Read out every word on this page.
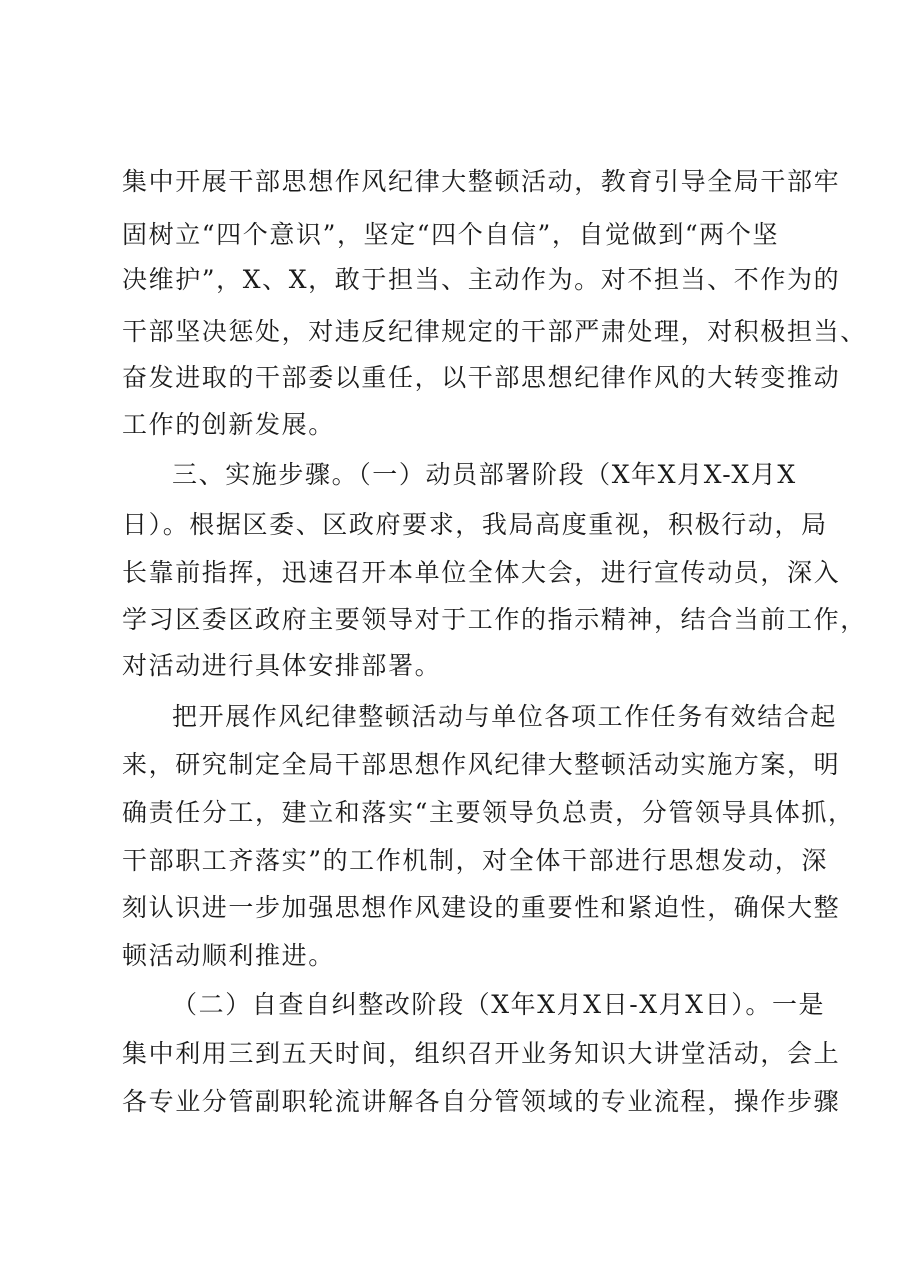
集中开展干部思想作风纪律大整顿活动，教育引导全局干部牢
固树立“四个意识”，坚定“四个自信”，自觉做到“两个坚
决维护”，X、X，敢于担当、主动作为。对不担当、不作为的
干部坚决惩处，对违反纪律规定的干部严肃处理，对积极担当、
奋发进取的干部委以重任，以干部思想纪律作风的大转变推动
工作的创新发展。
三、实施步骤。（一）动员部署阶段（X年X月X-X月X
日）。根据区委、区政府要求，我局高度重视，积极行动，局
长靠前指挥，迅速召开本单位全体大会，进行宣传动员，深入
学习区委区政府主要领导对于工作的指示精神，结合当前工作，
对活动进行具体安排部署。
把开展作风纪律整顿活动与单位各项工作任务有效结合起
来，研究制定全局干部思想作风纪律大整顿活动实施方案，明
确责任分工，建立和落实“主要领导负总责，分管领导具体抓，
干部职工齐落实”的工作机制，对全体干部进行思想发动，深
刻认识进一步加强思想作风建设的重要性和紧迫性，确保大整
顿活动顺利推进。
（二）自查自纠整改阶段（X年X月X日-X月X日）。一是
集中利用三到五天时间，组织召开业务知识大讲堂活动，会上
各专业分管副职轮流讲解各自分管领域的专业流程，操作步骤
